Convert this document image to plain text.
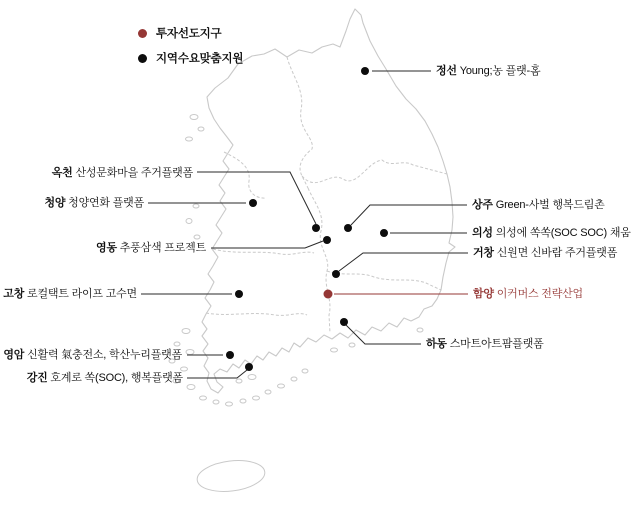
투자선도지구
지역수요맞춤지원
정선 Young;농 플랫-홈
옥천 산성문화마을 주거플랫폼
청양 청양연화 플랫폼
영동 추풍삼색 프로젝트
상주 Green-사벌 행복드림촌
의성 의성에 쏙쏙(SOC SOC) 채움
거창 신원면 신바람 주거플랫폼
함양 이커머스 전략산업
고창 로컬택트 라이프 고수면
하동 스마트아트팜플랫폼
영암 신활력 氣충전소, 학산누리플랫폼
강진 호계로 쏙(SOC), 행복플랫폼
